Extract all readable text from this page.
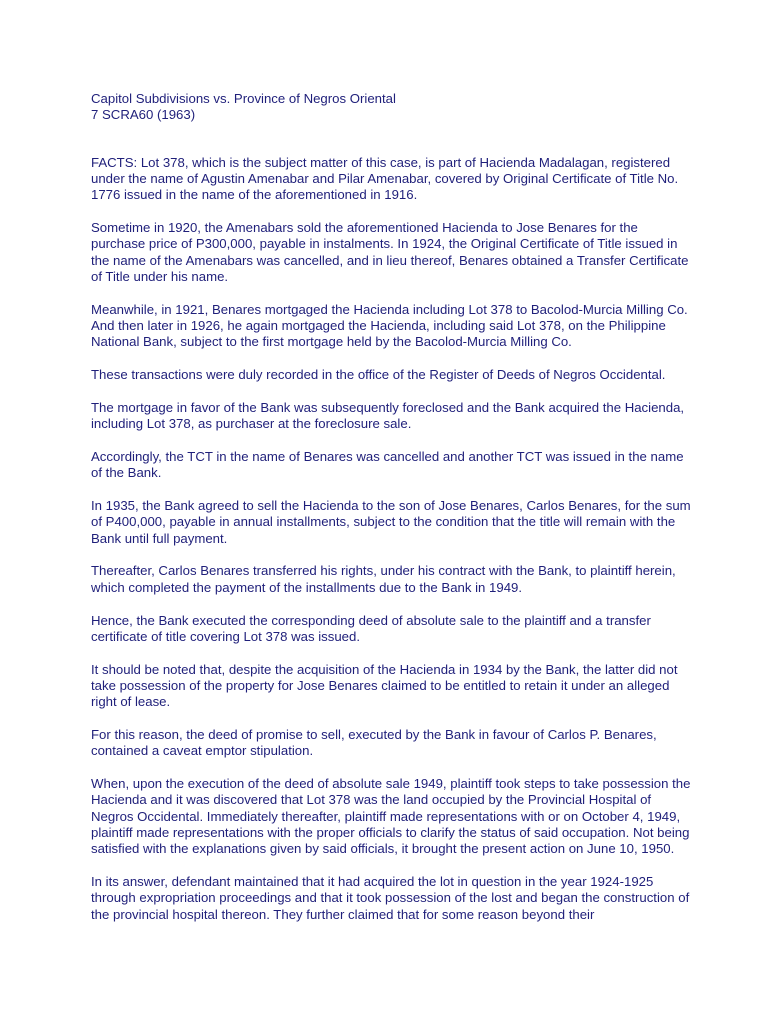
Capitol Subdivisions vs. Province of Negros Oriental
7 SCRA60 (1963)

FACTS: Lot 378, which is the subject matter of this case, is part of Hacienda Madalagan, registered under the name of Agustin Amenabar and Pilar Amenabar, covered by Original Certificate of Title No. 1776 issued in the name of the aforementioned in 1916.

Sometime in 1920, the Amenabars sold the aforementioned Hacienda to Jose Benares for the purchase price of P300,000, payable in instalments. In 1924, the Original Certificate of Title issued in the name of the Amenabars was cancelled, and in lieu thereof, Benares obtained a Transfer Certificate of Title under his name.

Meanwhile, in 1921, Benares mortgaged the Hacienda including Lot 378 to Bacolod-Murcia Milling Co. And then later in 1926, he again mortgaged the Hacienda, including said Lot 378, on the Philippine National Bank, subject to the first mortgage held by the Bacolod-Murcia Milling Co.

These transactions were duly recorded in the office of the Register of Deeds of Negros Occidental.

The mortgage in favor of the Bank was subsequently foreclosed and the Bank acquired the Hacienda, including Lot 378, as purchaser at the foreclosure sale.

Accordingly, the TCT in the name of Benares was cancelled and another TCT was issued in the name of the Bank.

In 1935, the Bank agreed to sell the Hacienda to the son of Jose Benares, Carlos Benares, for the sum of P400,000, payable in annual installments, subject to the condition that the title will remain with the Bank until full payment.

Thereafter, Carlos Benares transferred his rights, under his contract with the Bank, to plaintiff herein, which completed the payment of the installments due to the Bank in 1949.

Hence, the Bank executed the corresponding deed of absolute sale to the plaintiff and a transfer certificate of title covering Lot 378 was issued.

It should be noted that, despite the acquisition of the Hacienda in 1934 by the Bank, the latter did not take possession of the property for Jose Benares claimed to be entitled to retain it under an alleged right of lease.

For this reason, the deed of promise to sell, executed by the Bank in favour of Carlos P. Benares, contained a caveat emptor stipulation.

When, upon the execution of the deed of absolute sale 1949, plaintiff took steps to take possession the Hacienda and it was discovered that Lot 378 was the land occupied by the Provincial Hospital of Negros Occidental. Immediately thereafter, plaintiff made representations with or on October 4, 1949, plaintiff made representations with the proper officials to clarify the status of said occupation. Not being satisfied with the explanations given by said officials, it brought the present action on June 10, 1950.

In its answer, defendant maintained that it had acquired the lot in question in the year 1924-1925 through expropriation proceedings and that it took possession of the lost and began the construction of the provincial hospital thereon. They further claimed that for some reason beyond their
